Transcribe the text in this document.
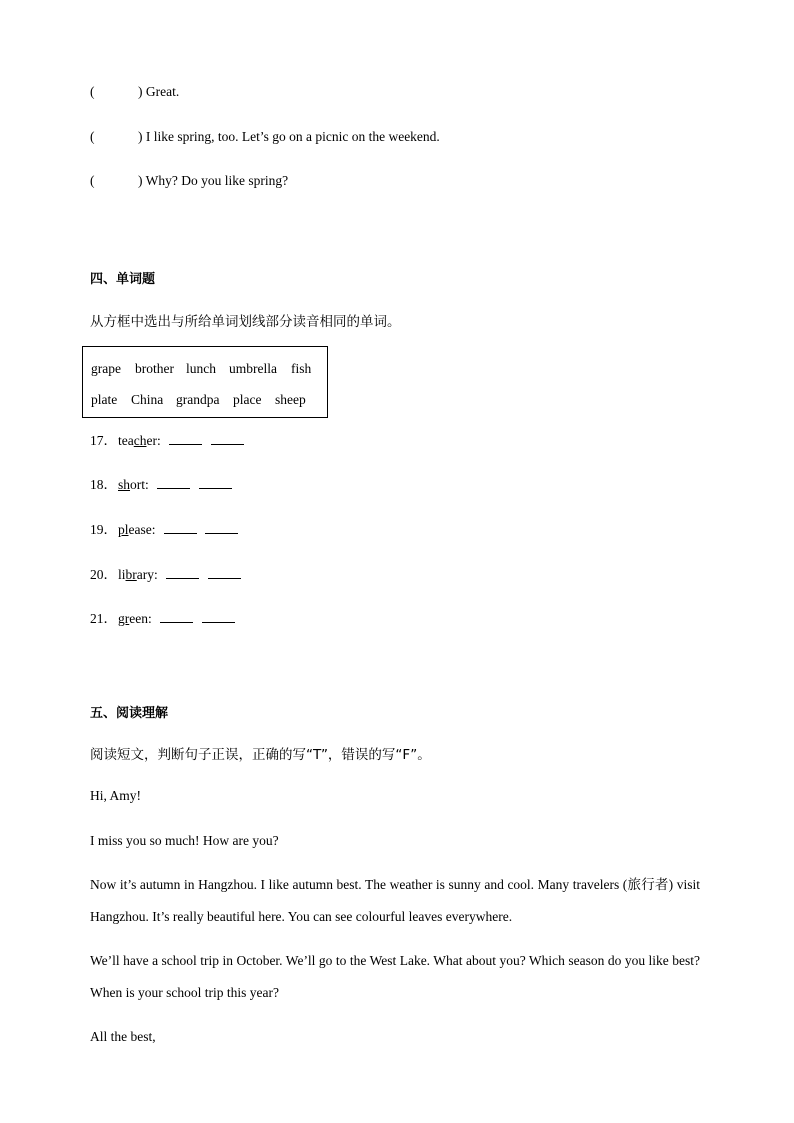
(	) Great.
(	) I like spring, too. Let’s go on a picnic on the weekend.
(	) Why? Do you like spring?
四、单词题
从方框中选出与所给单词划线部分读音相同的单词。
grape	brother lunch umbrella	fish
plate	China grandpa	place	sheep
17．teacher:
18．short:
19．please:
20．library:
21．green:
五、阅读理解
阅读短文，判断句子正误，正确的写“T”，错误的写“F”。
Hi, Amy!
I miss you so much! How are you?
Now it’s autumn in Hangzhou. I like autumn best. The weather is sunny and cool. Many travelers (旅行者) visit Hangzhou. It’s really beautiful here. You can see colourful leaves everywhere.
We’ll have a school trip in October. We’ll go to the West Lake. What about you? Which season do you like best? When is your school trip this year?
All the best,
